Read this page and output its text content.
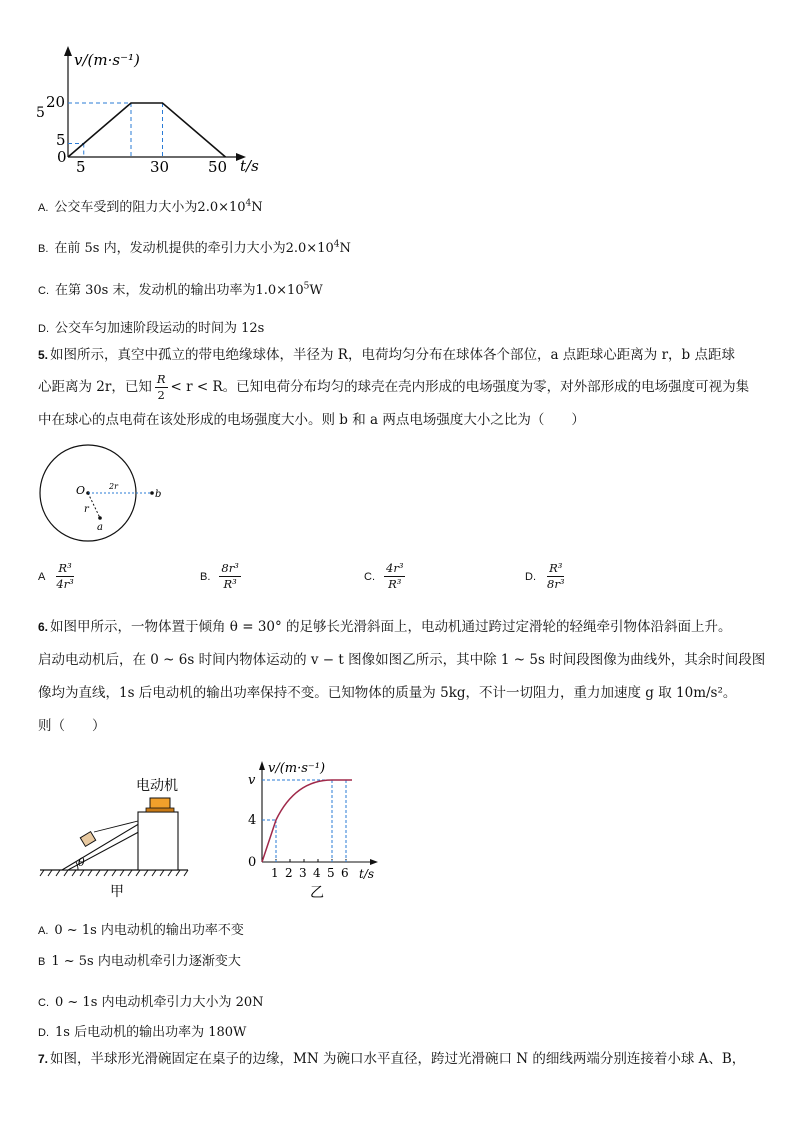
v/(m·s⁻¹)
t/s
20
5
0
5
5	30	50
A. 公交车受到的阻力大小为$2.0\times 10^4N$
B. 在前 5s 内，发动机提供的牵引力大小为$2.0\times 10^4N$
C. 在第 30s 末，发动机的输出功率为$1.0\times 10^5W$
D. 公交车匀加速阶段运动的时间为 12s
5. 如图所示，真空中孤立的带电绝缘球体，半径为 R，电荷均匀分布在球体各个部位，a 点距球心距离为 r，b 点距球
心距离为 2r，已知 $\frac{R}{2} < r < R$。已知电荷分布均匀的球壳在壳内形成的电场强度为零，对外部形成的电场强度可视为集
中在球心的点电荷在该处形成的电场强度大小。则 b 和 a 两点电场强度大小之比为（　　）
O	2r
b
r
a
A $\frac{\text{R³}}{\text{4r³}}$	B. $\frac{\text{8r³}}{\text{R³}}$	C. $\frac{\text{4r³}}{\text{R³}}$	D. $\frac{\text{R³}}{\text{8r³}}$
6. 如图甲所示，一物体置于倾角 θ = 30° 的足够长光滑斜面上，电动机通过跨过定滑轮的轻绳牵引物体沿斜面上升。
启动电动机后，在 0 ~ 6s 时间内物体运动的 v − t 图像如图乙所示，其中除 1 ~ 5s 时间段图像为曲线外，其余时间段图
像均为直线，1s 后电动机的输出功率保持不变。已知物体的质量为 5kg，不计一切阻力，重力加速度 g 取 10m/s²。
则（　　）
电动机
θ
甲
v/(m·s⁻¹)
t/s
v
4
0
1 2 3 4 5 6
乙
A. 0 ~ 1s 内电动机的输出功率不变
B 1 ~ 5s 内电动机牵引力逐渐变大
C. 0 ~ 1s 内电动机牵引力大小为 20N
D. 1s 后电动机的输出功率为 180W
7. 如图，半球形光滑碗固定在桌子的边缘，MN 为碗口水平直径，跨过光滑碗口 N 的细线两端分别连接着小球 A、B，
